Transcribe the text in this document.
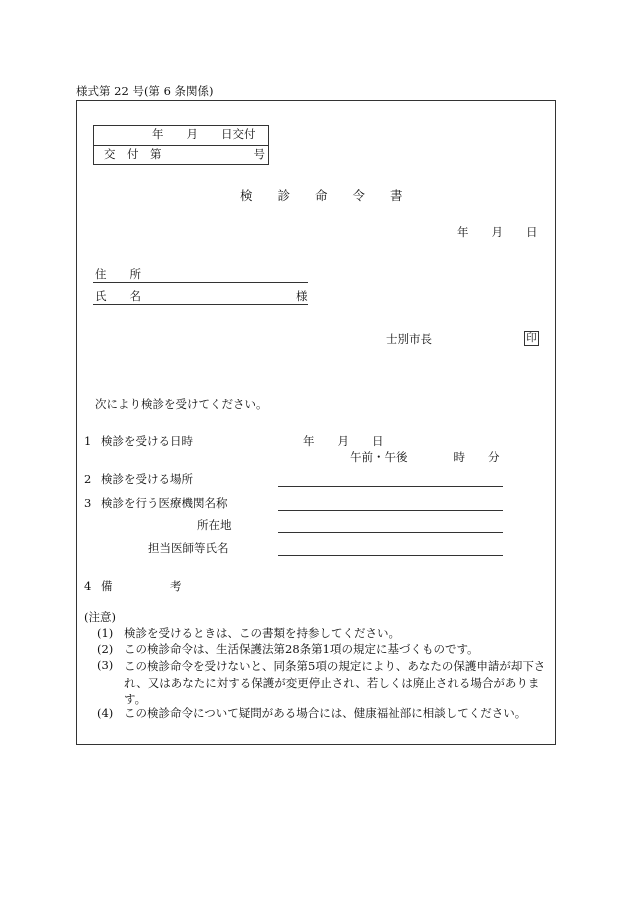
様式第 22 号(第 6 条関係)
年　　月　　日交付
交　付　第　　　　　　　　号
検　　診　　命　　令　　書
年　　月　　日
住　　所
氏　　名	様
士別市長	印
次により検診を受けてください。
1 検診を受ける日時	年　　月　　日
午前・午後　　　　時　　分
2 検診を受ける場所
3 検診を行う医療機関名称
所在地
担当医師等氏名
4 備　　　　　考
(注意)
(1) 検診を受けるときは、この書類を持参してください。
(2) この検診命令は、生活保護法第28条第1項の規定に基づくものです。
(3) この検診命令を受けないと、同条第5項の規定により、あなたの保護申請が却下され、又はあなたに対する保護が変更停止され、若しくは廃止される場合があります。
(4) この検診命令について疑問がある場合には、健康福祉部に相談してください。
